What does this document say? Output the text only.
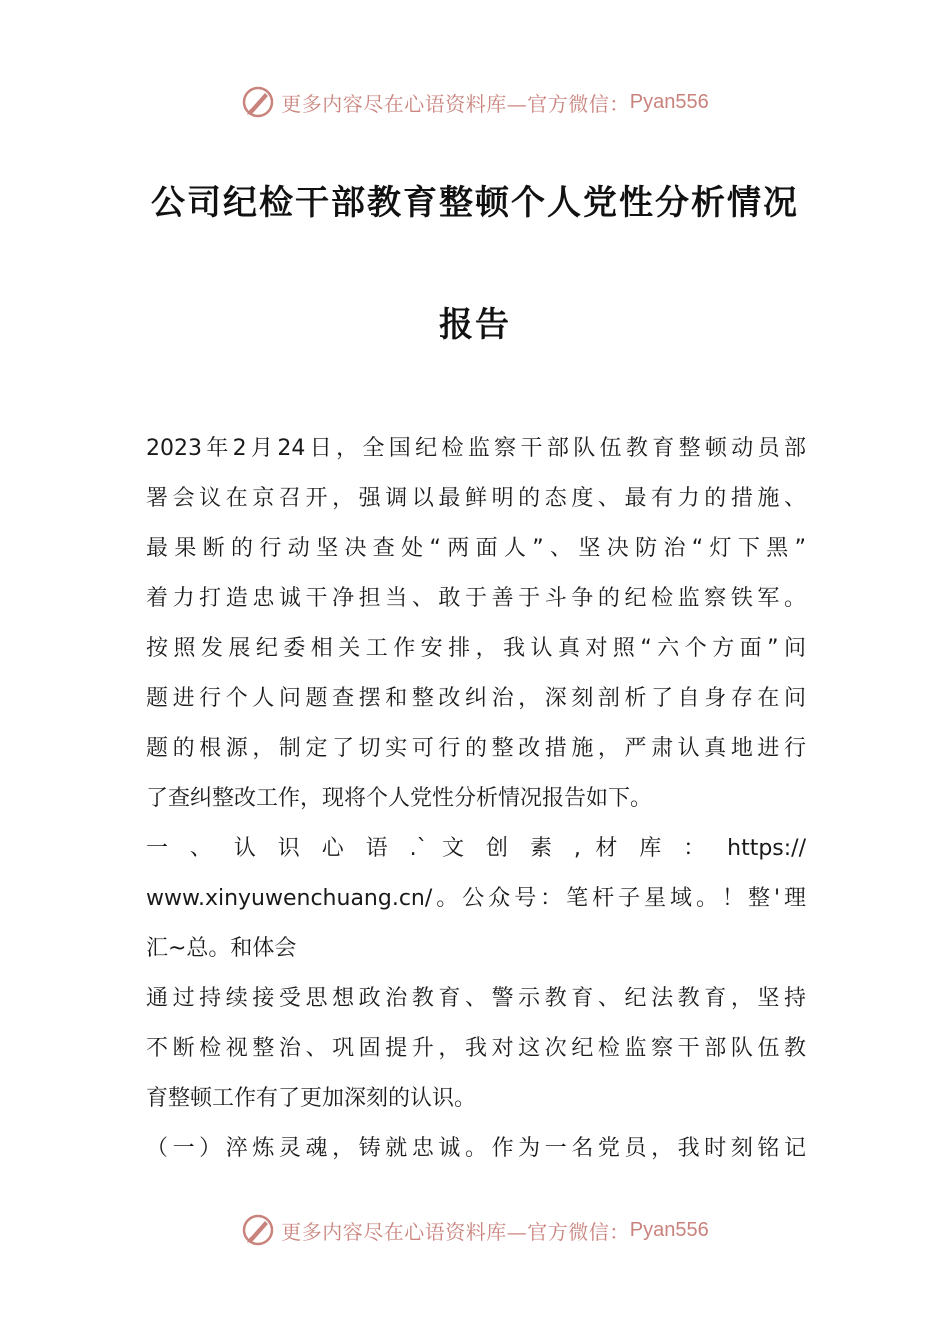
更多内容尽在心语资料库—官方微信： Pyan556
公司纪检干部教育整顿个人党性分析情况
报告
2023年2月24日，全国纪检监察干部队伍教育整顿动员部
署会议在京召开，强调以最鲜明的态度、最有力的措施、
最果断的行动坚决查处“两面人”、坚决防治“灯下黑”
着力打造忠诚干净担当、敢于善于斗争的纪检监察铁军。
按照发展纪委相关工作安排，我认真对照“六个方面”问
题进行个人问题查摆和整改纠治，深刻剖析了自身存在问
题的根源，制定了切实可行的整改措施，严肃认真地进行
了查纠整改工作，现将个人党性分析情况报告如下。
一 、 认 识 心 语 .` 文 创 素 , 材 库 ： https://
www.xinyuwenchuang.cn/。公众号：笔杆子星域。！整'理
汇~总。和体会
通过持续接受思想政治教育、警示教育、纪法教育，坚持
不断检视整治、巩固提升，我对这次纪检监察干部队伍教
育整顿工作有了更加深刻的认识。
（一）淬炼灵魂，铸就忠诚。作为一名党员，我时刻铭记
更多内容尽在心语资料库—官方微信： Pyan556
